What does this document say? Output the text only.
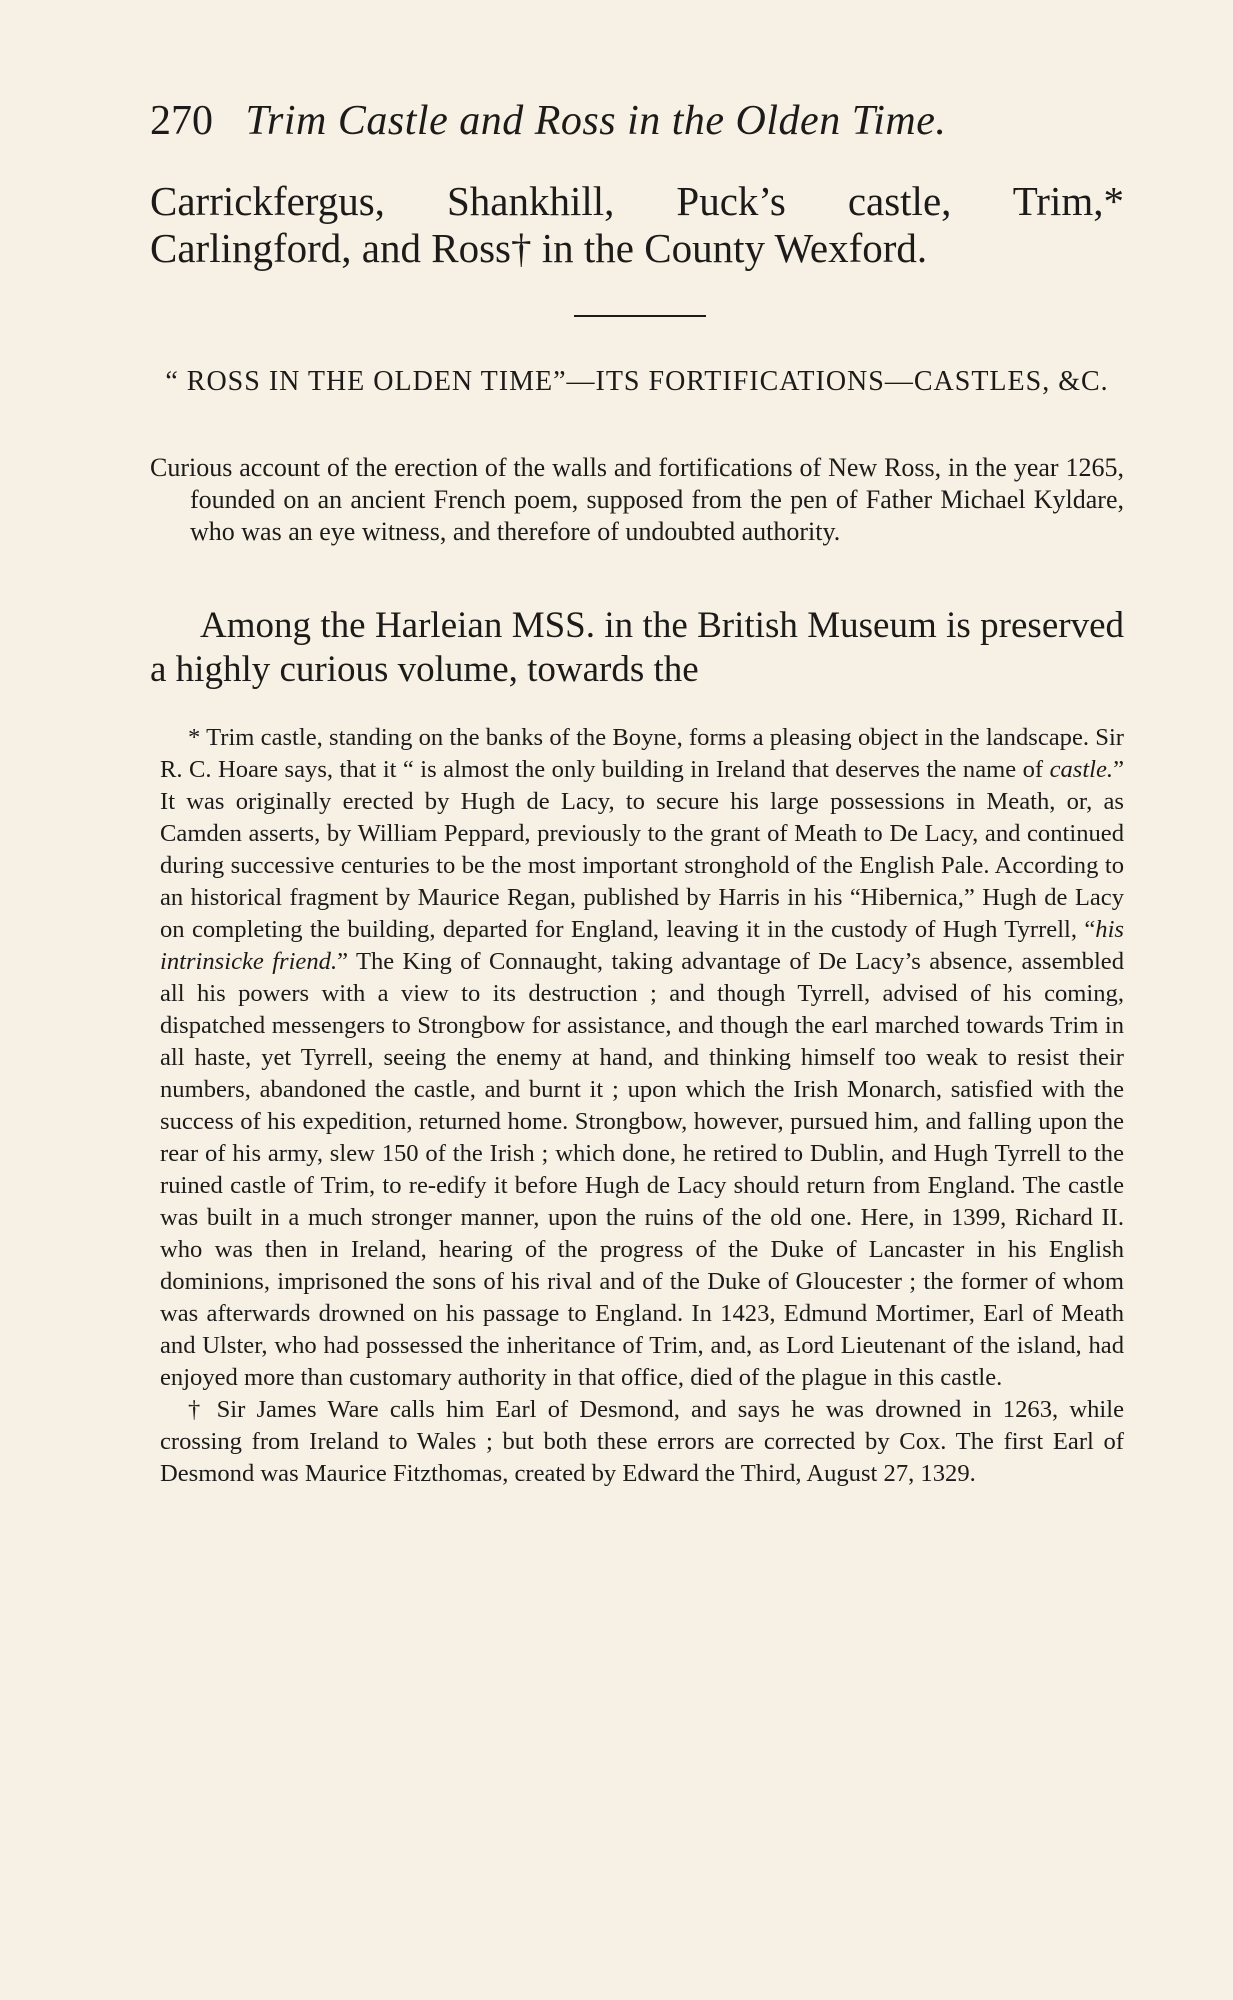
270 Trim Castle and Ross in the Olden Time.
Carrickfergus, Shankhill, Puck’s castle, Trim,* Carlingford, and Ross† in the County Wexford.
“ ROSS IN THE OLDEN TIME”—ITS FORTIFICATIONS—CASTLES, &C.

Curious account of the erection of the walls and fortifications of New Ross, in the year 1265, founded on an ancient French poem, supposed from the pen of Father Michael Kyldare, who was an eye witness, and therefore of undoubted authority.

Among the Harleian MSS. in the British Museum is preserved a highly curious volume, towards the

* Trim castle, standing on the banks of the Boyne, forms a pleasing object in the landscape. Sir R. C. Hoare says, that it “ is almost the only building in Ireland that deserves the name of castle.” It was originally erected by Hugh de Lacy, to secure his large possessions in Meath, or, as Camden asserts, by William Peppard, previously to the grant of Meath to De Lacy, and continued during successive centuries to be the most important stronghold of the English Pale. According to an historical fragment by Maurice Regan, published by Harris in his “Hibernica,” Hugh de Lacy on completing the building, departed for England, leaving it in the custody of Hugh Tyrrell, “his intrinsicke friend.” The King of Connaught, taking advantage of De Lacy’s absence, assembled all his powers with a view to its destruction ; and though Tyrrell, advised of his coming, dispatched messengers to Strongbow for assistance, and though the earl marched towards Trim in all haste, yet Tyrrell, seeing the enemy at hand, and thinking himself too weak to resist their numbers, abandoned the castle, and burnt it ; upon which the Irish Monarch, satisfied with the success of his expedition, returned home. Strongbow, however, pursued him, and falling upon the rear of his army, slew 150 of the Irish ; which done, he retired to Dublin, and Hugh Tyrrell to the ruined castle of Trim, to re-edify it before Hugh de Lacy should return from England. The castle was built in a much stronger manner, upon the ruins of the old one. Here, in 1399, Richard II. who was then in Ireland, hearing of the progress of the Duke of Lancaster in his English dominions, imprisoned the sons of his rival and of the Duke of Gloucester ; the former of whom was afterwards drowned on his passage to England. In 1423, Edmund Mortimer, Earl of Meath and Ulster, who had possessed the inheritance of Trim, and, as Lord Lieutenant of the island, had enjoyed more than customary authority in that office, died of the plague in this castle.

† Sir James Ware calls him Earl of Desmond, and says he was drowned in 1263, while crossing from Ireland to Wales ; but both these errors are corrected by Cox. The first Earl of Desmond was Maurice Fitzthomas, created by Edward the Third, August 27, 1329.
